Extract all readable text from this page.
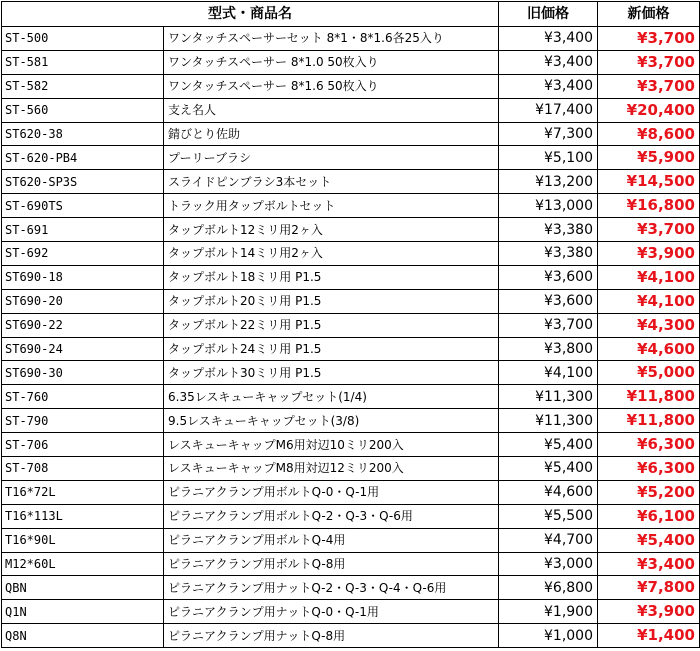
型式・商品名		旧価格	新価格
ST-500	ワンタッチスペーサーセット 8*1・8*1.6各25入り	¥3,400	¥3,700
ST-581	ワンタッチスペーサー 8*1.0 50枚入り	¥3,400	¥3,700
ST-582	ワンタッチスペーサー 8*1.6 50枚入り	¥3,400	¥3,700
ST-560	支え名人	¥17,400	¥20,400
ST620-38	錆びとり佐助	¥7,300	¥8,600
ST-620-PB4	プーリーブラシ	¥5,100	¥5,900
ST620-SP3S	スライドピンブラシ3本セット	¥13,200	¥14,500
ST-690TS	トラック用タップボルトセット	¥13,000	¥16,800
ST-691	タップボルト12ミリ用2ヶ入	¥3,380	¥3,700
ST-692	タップボルト14ミリ用2ヶ入	¥3,380	¥3,900
ST690-18	タップボルト18ミリ用 P1.5	¥3,600	¥4,100
ST690-20	タップボルト20ミリ用 P1.5	¥3,600	¥4,100
ST690-22	タップボルト22ミリ用 P1.5	¥3,700	¥4,300
ST690-24	タップボルト24ミリ用 P1.5	¥3,800	¥4,600
ST690-30	タップボルト30ミリ用 P1.5	¥4,100	¥5,000
ST-760	6.35レスキューキャップセット(1/4)	¥11,300	¥11,800
ST-790	9.5レスキューキャップセット(3/8)	¥11,300	¥11,800
ST-706	レスキューキャップM6用対辺10ミリ200入	¥5,400	¥6,300
ST-708	レスキューキャップM8用対辺12ミリ200入	¥5,400	¥6,300
T16*72L	ピラニアクランプ用ボルトQ-0・Q-1用	¥4,600	¥5,200
T16*113L	ピラニアクランプ用ボルトQ-2・Q-3・Q-6用	¥5,500	¥6,100
T16*90L	ピラニアクランプ用ボルトQ-4用	¥4,700	¥5,400
M12*60L	ピラニアクランプ用ボルトQ-8用	¥3,000	¥3,400
QBN	ピラニアクランプ用ナットQ-2・Q-3・Q-4・Q-6用	¥6,800	¥7,800
Q1N	ピラニアクランプ用ナットQ-0・Q-1用	¥1,900	¥3,900
Q8N	ピラニアクランプ用ナットQ-8用	¥1,000	¥1,400
